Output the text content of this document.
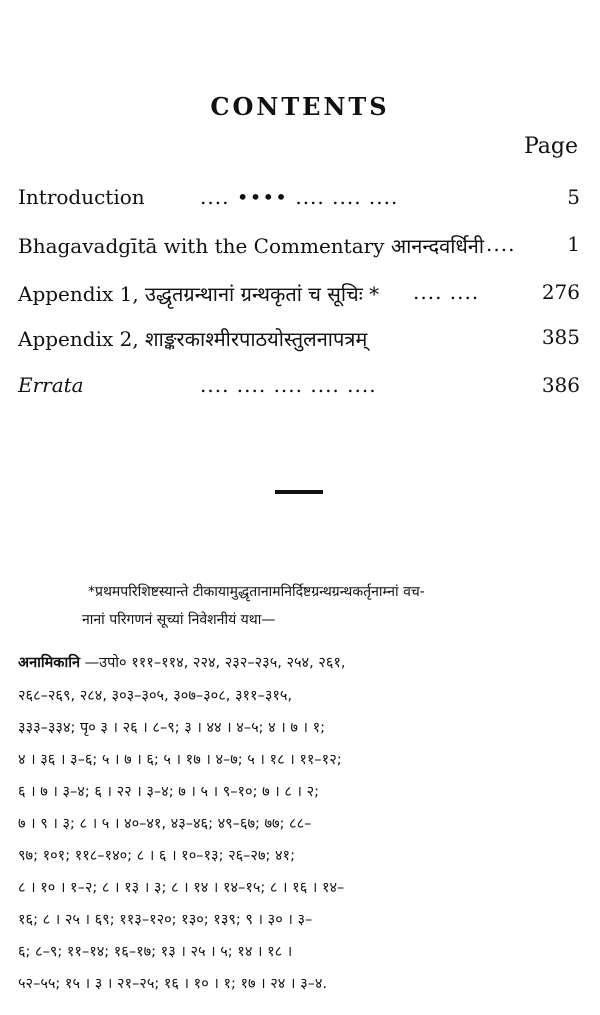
CONTENTS
Page
Introduction	.... •••• .... .... ....	5
Bhagavadgītā with the Commentary आनन्दवर्धिनी ....	1
Appendix 1, उद्धृतग्रन्थानां ग्रन्थकृतां च सूचिः * .... ....	276
Appendix 2, शाङ्करकाश्मीरपाठयोस्तुलनापत्रम्	385
Errata	.... .... .... .... ....	386
*प्रथमपरिशिष्टस्यान्ते टीकायामुद्धृतानामनिर्दिष्टग्रन्थग्रन्थकर्तृनाम्नां वच-
नानां परिगणनं सूच्यां निवेशनीयं यथा—
अनामिकानि —उपो० १११–११४, २२४, २३२–२३५, २५४, २६१,
२६८–२६९, २८४, ३०३–३०५, ३०७–३०८, ३११–३१५,
३३३–३३४; पृ० ३ । २६ । ८–९; ३ । ४४ । ४–५; ४ । ७ । १;
४ । ३६ । ३–६; ५ । ७ । ६; ५ । १७ । ४–७; ५ । १८ । ११–१२;
६ । ७ । ३–४; ६ । २२ । ३–४; ७ । ५ । ९–१०; ७ । ८ । २;
७ । ९ । ३; ८ । ५ । ४०–४१, ४३–४६; ४९–६७; ७७; ८८–
९७; १०१; ११८–१४०; ८ । ६ । १०–१३; २६–२७; ४१;
८ । १० । १–२; ८ । १३ । ३; ८ । १४ । १४–१५; ८ । १६ । १४–
१६; ८ । २५ । ६९; ११३–१२०; १३०; १३९; ९ । ३० । ३–
६; ८–९; ११–१४; १६–१७; १३ । २५ । ५; १४ । १८ ।
५२–५५; १५ । ३ । २१–२५; १६ । १० । १; १७ । २४ । ३–४.
